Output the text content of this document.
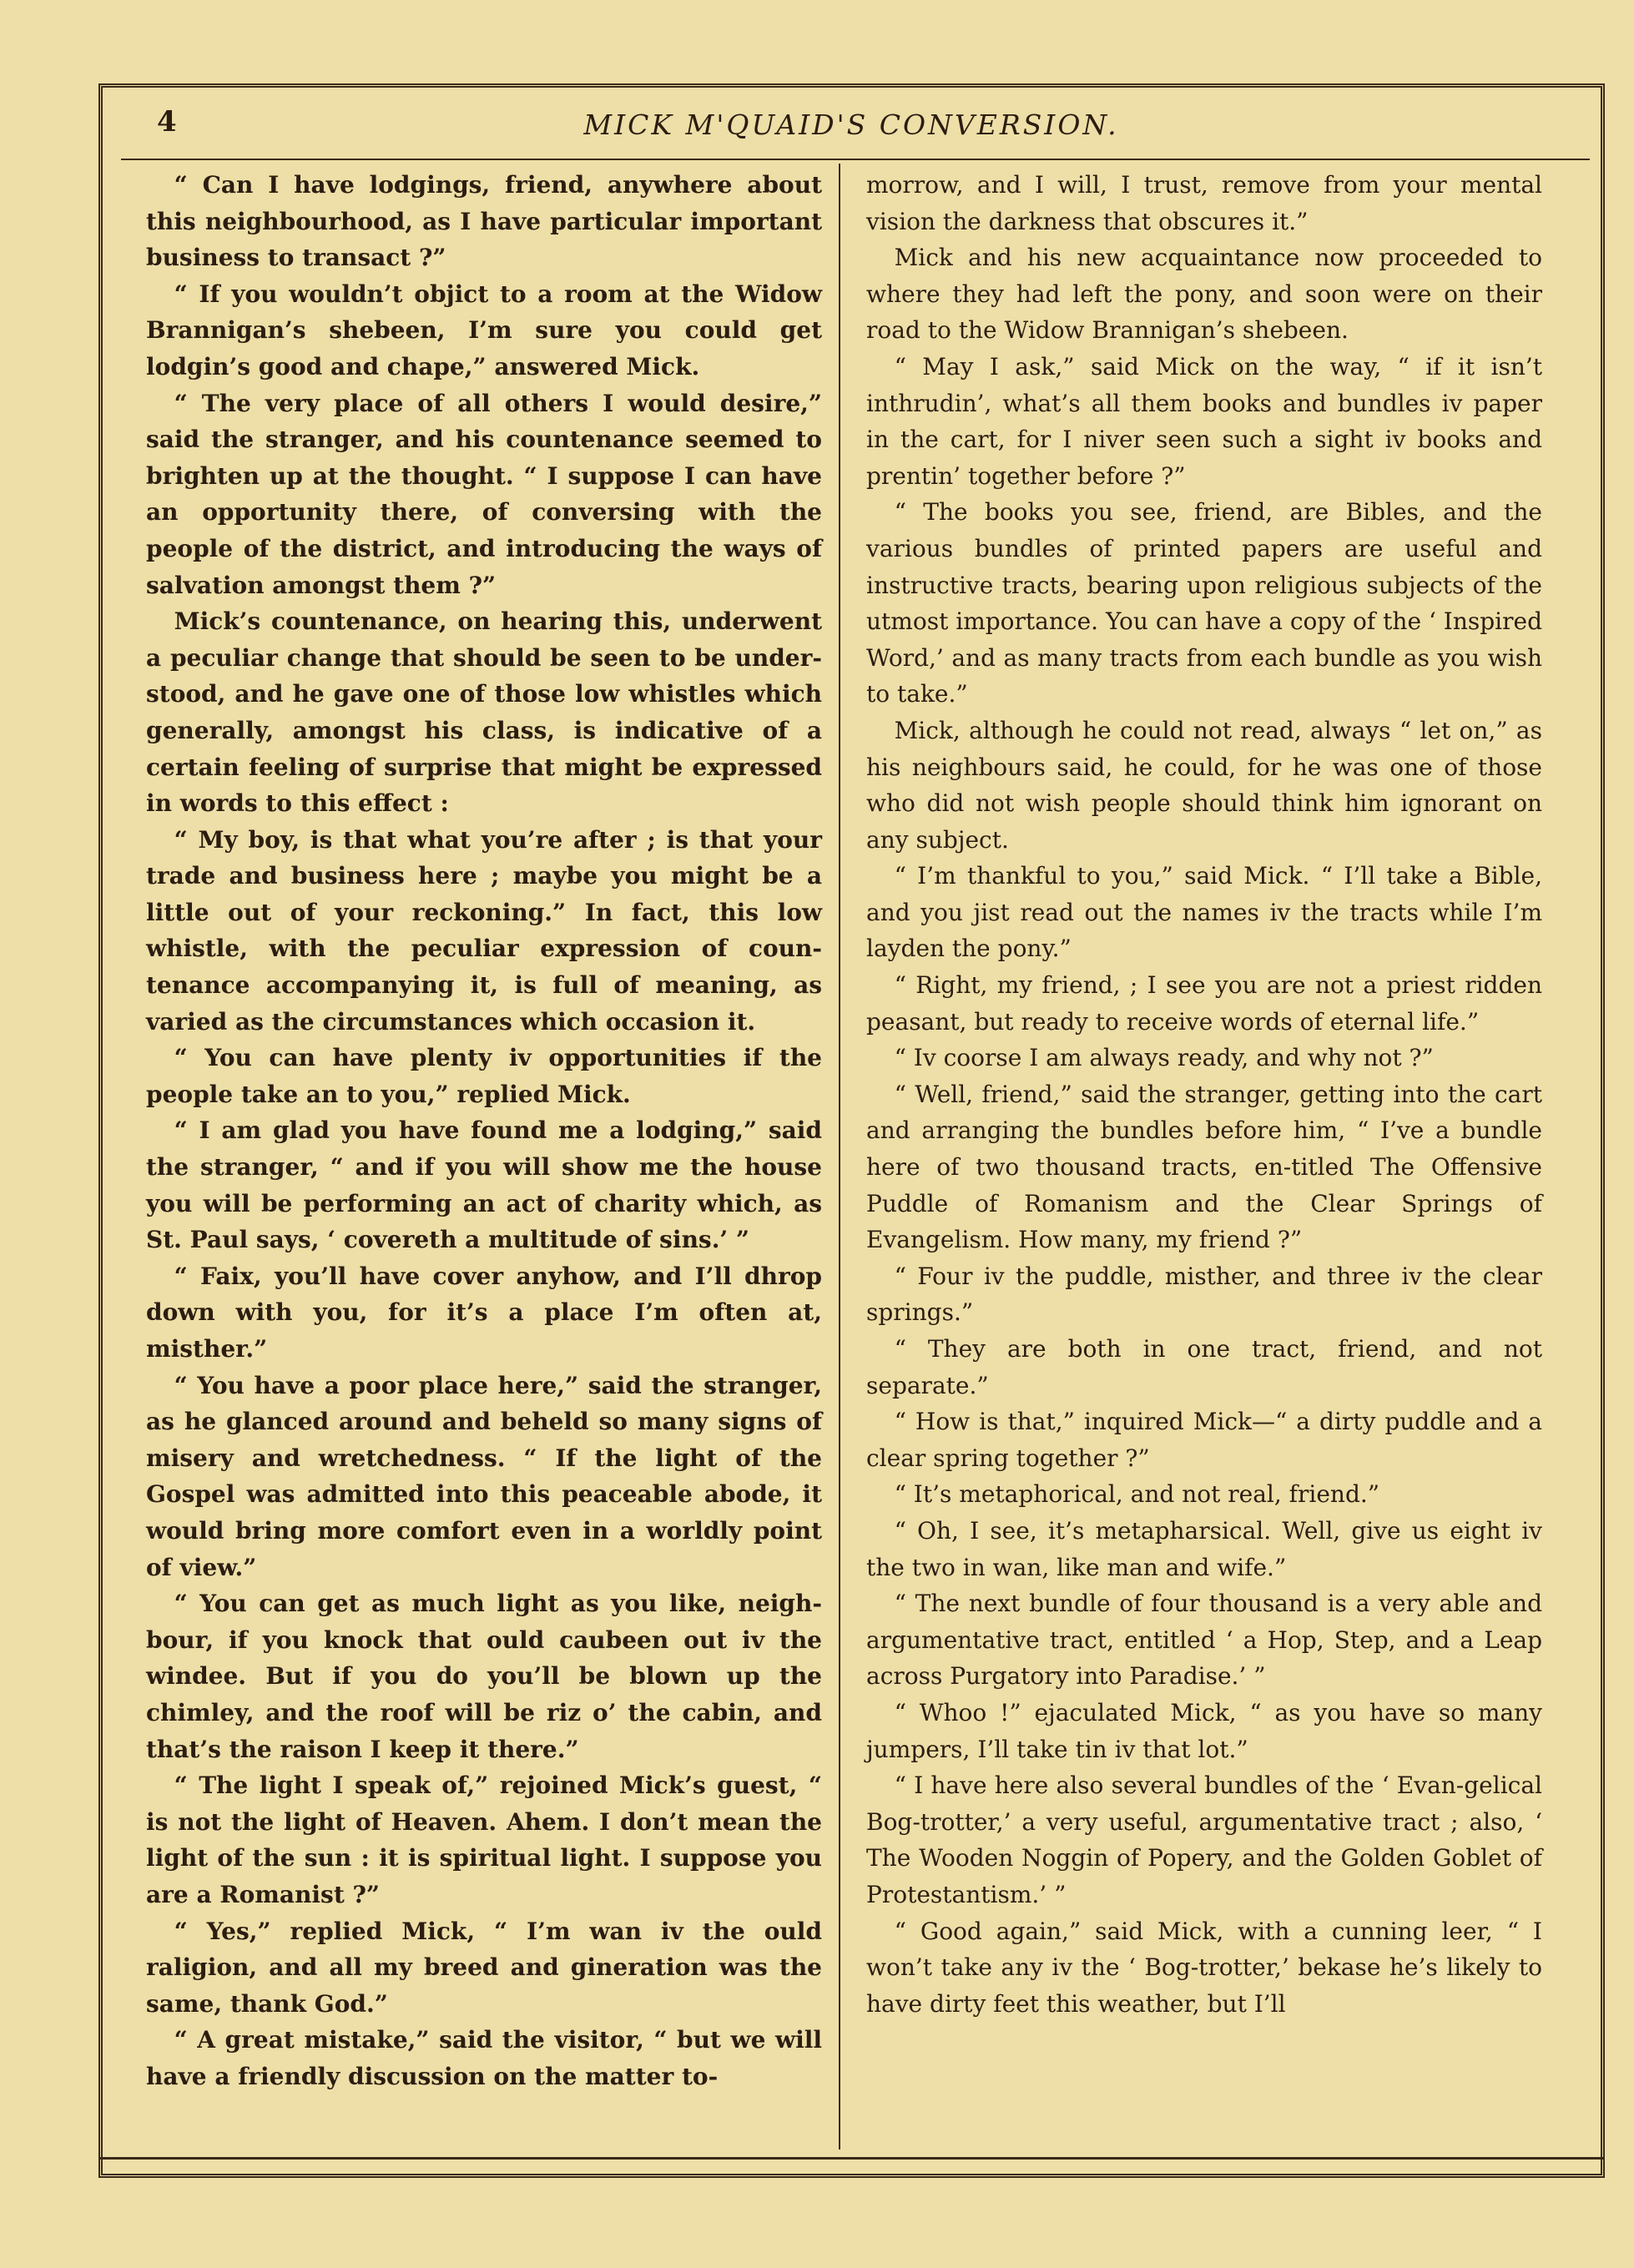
4	MICK M'QUAID'S CONVERSION.

“ Can I have lodgings, friend, anywhere about this neighbourhood, as I have particular important business to transact ?”

“ If you wouldn’t objict to a room at the Widow Brannigan’s shebeen, I’m sure you could get lodgin’s good and chape,” answered Mick.

“ The very place of all others I would desire,” said the stranger, and his countenance seemed to brighten up at the thought. “ I suppose I can have an opportunity there, of conversing with the people of the district, and introducing the ways of salvation amongst them ?”

Mick’s countenance, on hearing this, underwent a peculiar change that should be seen to be under-stood, and he gave one of those low whistles which generally, amongst his class, is indicative of a certain feeling of surprise that might be expressed in words to this effect :

“ My boy, is that what you’re after ; is that your trade and business here ; maybe you might be a little out of your reckoning.” In fact, this low whistle, with the peculiar expression of coun-tenance accompanying it, is full of meaning, as varied as the circumstances which occasion it.

“ You can have plenty iv opportunities if the people take an to you,” replied Mick.

“ I am glad you have found me a lodging,” said the stranger, “ and if you will show me the house you will be performing an act of charity which, as St. Paul says, ‘ covereth a multitude of sins.’ ”

“ Faix, you’ll have cover anyhow, and I’ll dhrop down with you, for it’s a place I’m often at, misther.”

“ You have a poor place here,” said the stranger, as he glanced around and beheld so many signs of misery and wretchedness. “ If the light of the Gospel was admitted into this peaceable abode, it would bring more comfort even in a worldly point of view.”

“ You can get as much light as you like, neigh-bour, if you knock that ould caubeen out iv the windee. But if you do you’ll be blown up the chimley, and the roof will be riz o’ the cabin, and that’s the raison I keep it there.”

“ The light I speak of,” rejoined Mick’s guest, “ is not the light of Heaven. Ahem. I don’t mean the light of the sun : it is spiritual light. I suppose you are a Romanist ?”

“ Yes,” replied Mick, “ I’m wan iv the ould raligion, and all my breed and gineration was the same, thank God.”

“ A great mistake,” said the visitor, “ but we will have a friendly discussion on the matter to-

morrow, and I will, I trust, remove from your mental vision the darkness that obscures it.”

Mick and his new acquaintance now proceeded to where they had left the pony, and soon were on their road to the Widow Brannigan’s shebeen.

“ May I ask,” said Mick on the way, “ if it isn’t inthrudin’, what’s all them books and bundles iv paper in the cart, for I niver seen such a sight iv books and prentin’ together before ?”

“ The books you see, friend, are Bibles, and the various bundles of printed papers are useful and instructive tracts, bearing upon religious subjects of the utmost importance. You can have a copy of the ‘ Inspired Word,’ and as many tracts from each bundle as you wish to take.”

Mick, although he could not read, always “ let on,” as his neighbours said, he could, for he was one of those who did not wish people should think him ignorant on any subject.

“ I’m thankful to you,” said Mick. “ I’ll take a Bible, and you jist read out the names iv the tracts while I’m layden the pony.”

“ Right, my friend, ; I see you are not a priest ridden peasant, but ready to receive words of eternal life.”

“ Iv coorse I am always ready, and why not ?”

“ Well, friend,” said the stranger, getting into the cart and arranging the bundles before him, “ I’ve a bundle here of two thousand tracts, en-titled The Offensive Puddle of Romanism and the Clear Springs of Evangelism. How many, my friend ?”

“ Four iv the puddle, misther, and three iv the clear springs.”

“ They are both in one tract, friend, and not separate.”

“ How is that,” inquired Mick—“ a dirty puddle and a clear spring together ?”

“ It’s metaphorical, and not real, friend.”

“ Oh, I see, it’s metapharsical. Well, give us eight iv the two in wan, like man and wife.”

“ The next bundle of four thousand is a very able and argumentative tract, entitled ‘ a Hop, Step, and a Leap across Purgatory into Paradise.’ ”

“ Whoo !” ejaculated Mick, “ as you have so many jumpers, I’ll take tin iv that lot.”

“ I have here also several bundles of the ‘ Evan-gelical Bog-trotter,’ a very useful, argumentative tract ; also, ‘ The Wooden Noggin of Popery, and the Golden Goblet of Protestantism.’ ”

“ Good again,” said Mick, with a cunning leer, “ I won’t take any iv the ‘ Bog-trotter,’ bekase he’s likely to have dirty feet this weather, but I’ll
